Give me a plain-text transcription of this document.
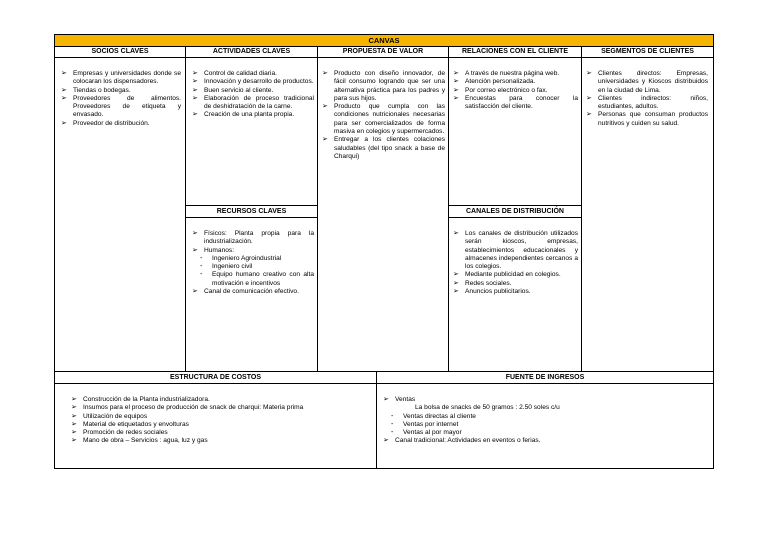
CANVAS
SOCIOS CLAVES
➢ Empresas y universidades donde se colocaran los dispensadores.
➢ Tiendas o bodegas.
➢ Proveedores de alimentos. Proveedores de etiqueta y envasado.
➢ Proveedor de distribución.
ACTIVIDADES CLAVES
➢ Control de calidad diaria.
➢ Innovación y desarrollo de productos.
➢ Buen servicio al cliente.
➢ Elaboración de proceso tradicional de deshidratación de la carne.
➢ Creación de una planta propia.
RECURSOS CLAVES
➢ Físicos: Planta propia para la industrialización.
➢ Humanos:
- Ingeniero Agroindustrial
- Ingeniero civil
- Equipo humano creativo con alta motivación e incentivos
➢ Canal de comunicación efectivo.
PROPUESTA DE VALOR
➢ Producto con diseño innovador, de fácil consumo logrando que ser una alternativa práctica para los padres y para sus hijos.
➢ Producto que cumpla con las condiciones nutricionales necesarias para ser comercializados de forma masiva en colegios y supermercados.
➢ Entregar a los clientes colaciones saludables (del tipo snack a base de Charqui)
RELACIONES CON EL CLIENTE
➢ A través de nuestra página web.
➢ Atención personalizada.
➢ Por correo electrónico o fax.
➢ Encuestas para conocer la satisfacción del cliente.
CANALES DE DISTRIBUCIÓN
➢ Los canales de distribución utilizados serán kioscos, empresas, establecimientos educacionales y almacenes independientes cercanos a los colegios.
➢ Mediante publicidad en colegios.
➢ Redes sociales.
➢ Anuncios publicitarios.
SEGMENTOS DE CLIENTES
➢ Clientes directos: Empresas, universidades y Kioscos distribuidos en la ciudad de Lima.
➢ Clientes indirectos: niños, estudiantes, adultos.
➢ Personas que consuman productos nutritivos y cuiden su salud.
ESTRUCTURA DE COSTOS
➢ Construcción de la Planta industrializadora.
➢ Insumos para el proceso de producción de snack de charqui: Materia prima
➢ Utilización de equipos
➢ Material de etiquetados y envolturas
➢ Promoción de redes sociales
➢ Mano de obra – Servicios : agua, luz y gas
FUENTE DE INGRESOS
➢ Ventas
La bolsa de snacks de 50 gramos : 2.50 soles c/u
- Ventas directas al cliente
- Ventas por internet
- Ventas al por mayor
➢ Canal tradicional: Actividades en eventos o ferias.
